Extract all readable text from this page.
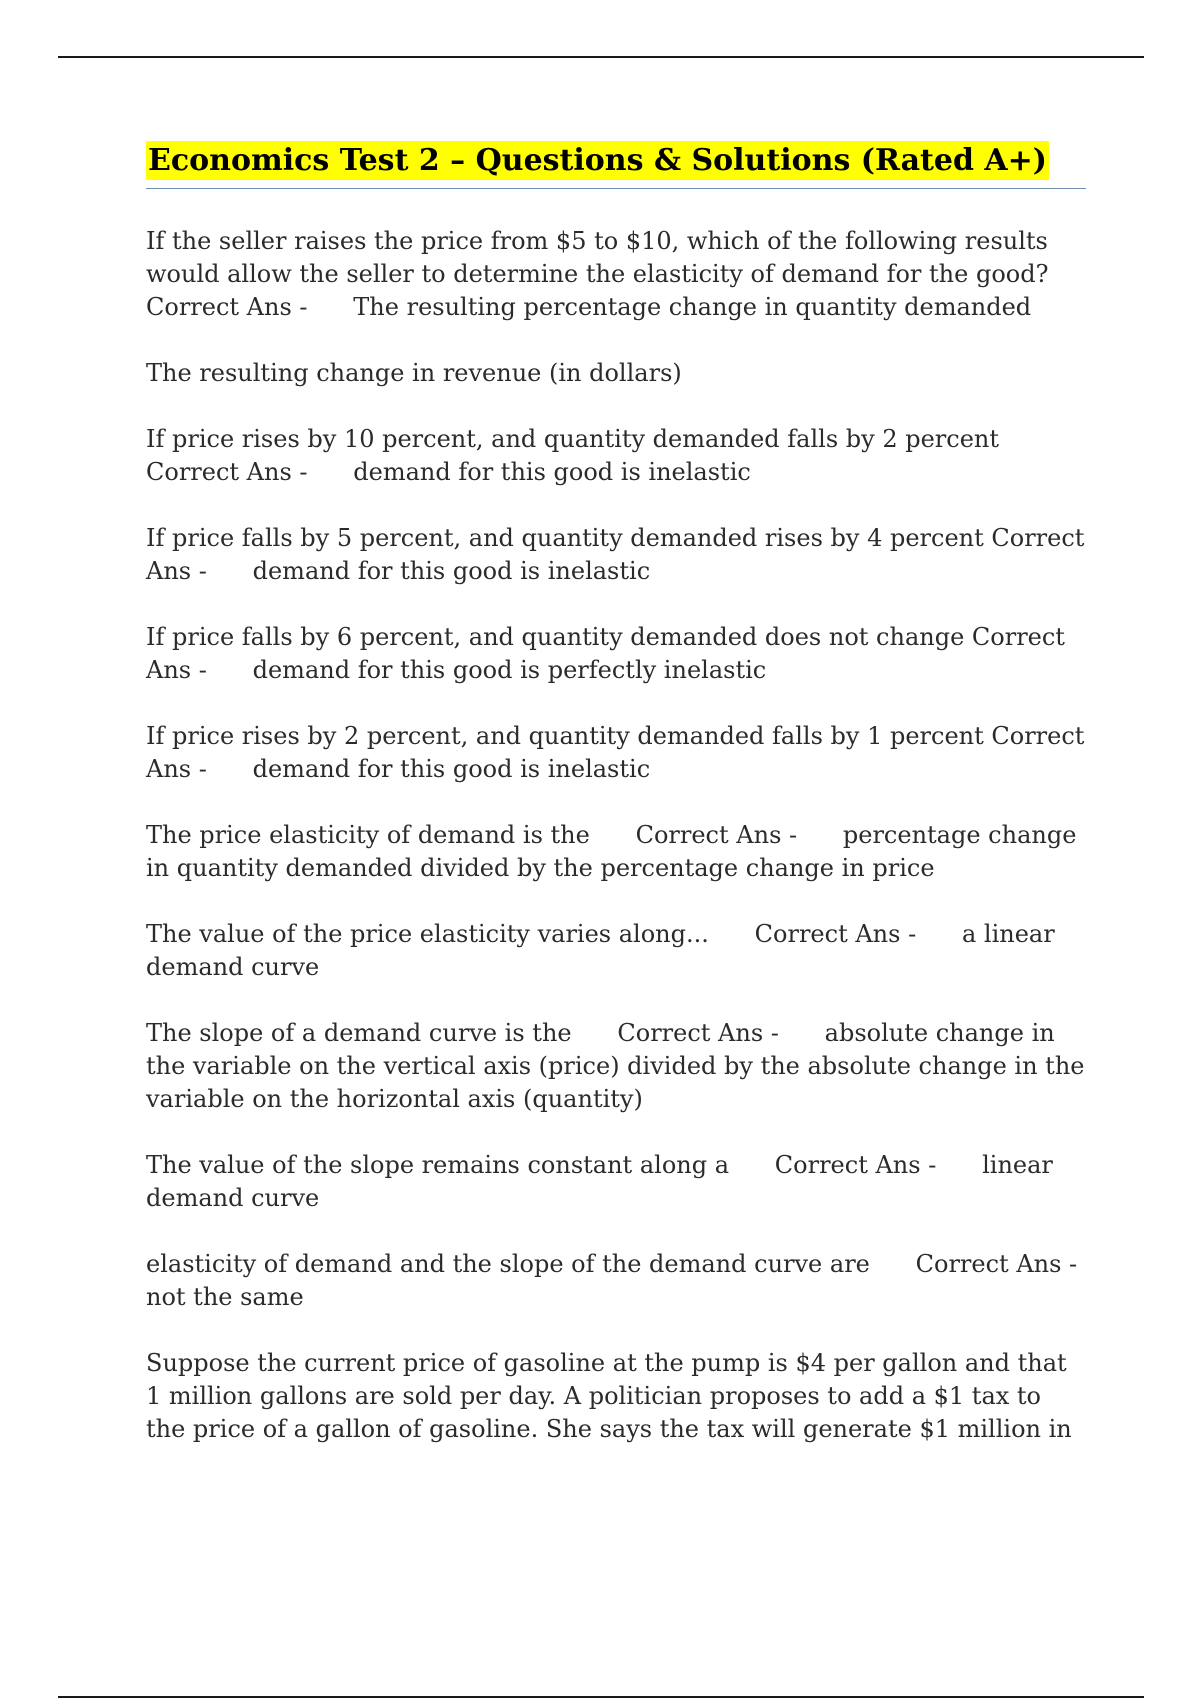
Economics Test 2 – Questions & Solutions (Rated A+)

If the seller raises the price from $5 to $10, which of the following results would allow the seller to determine the elasticity of demand for the good? Correct Ans -      The resulting percentage change in quantity demanded

The resulting change in revenue (in dollars)

If price rises by 10 percent, and quantity demanded falls by 2 percent Correct Ans -      demand for this good is inelastic

If price falls by 5 percent, and quantity demanded rises by 4 percent Correct Ans -      demand for this good is inelastic

If price falls by 6 percent, and quantity demanded does not change Correct Ans -      demand for this good is perfectly inelastic

If price rises by 2 percent, and quantity demanded falls by 1 percent Correct Ans -      demand for this good is inelastic

The price elasticity of demand is the      Correct Ans -      percentage change in quantity demanded divided by the percentage change in price

The value of the price elasticity varies along...      Correct Ans -      a linear demand curve

The slope of a demand curve is the      Correct Ans -      absolute change in the variable on the vertical axis (price) divided by the absolute change in the variable on the horizontal axis (quantity)

The value of the slope remains constant along a      Correct Ans -      linear demand curve

elasticity of demand and the slope of the demand curve are      Correct Ans -      not the same

Suppose the current price of gasoline at the pump is $4 per gallon and that 1 million gallons are sold per day. A politician proposes to add a $1 tax to the price of a gallon of gasoline. She says the tax will generate $1 million in
